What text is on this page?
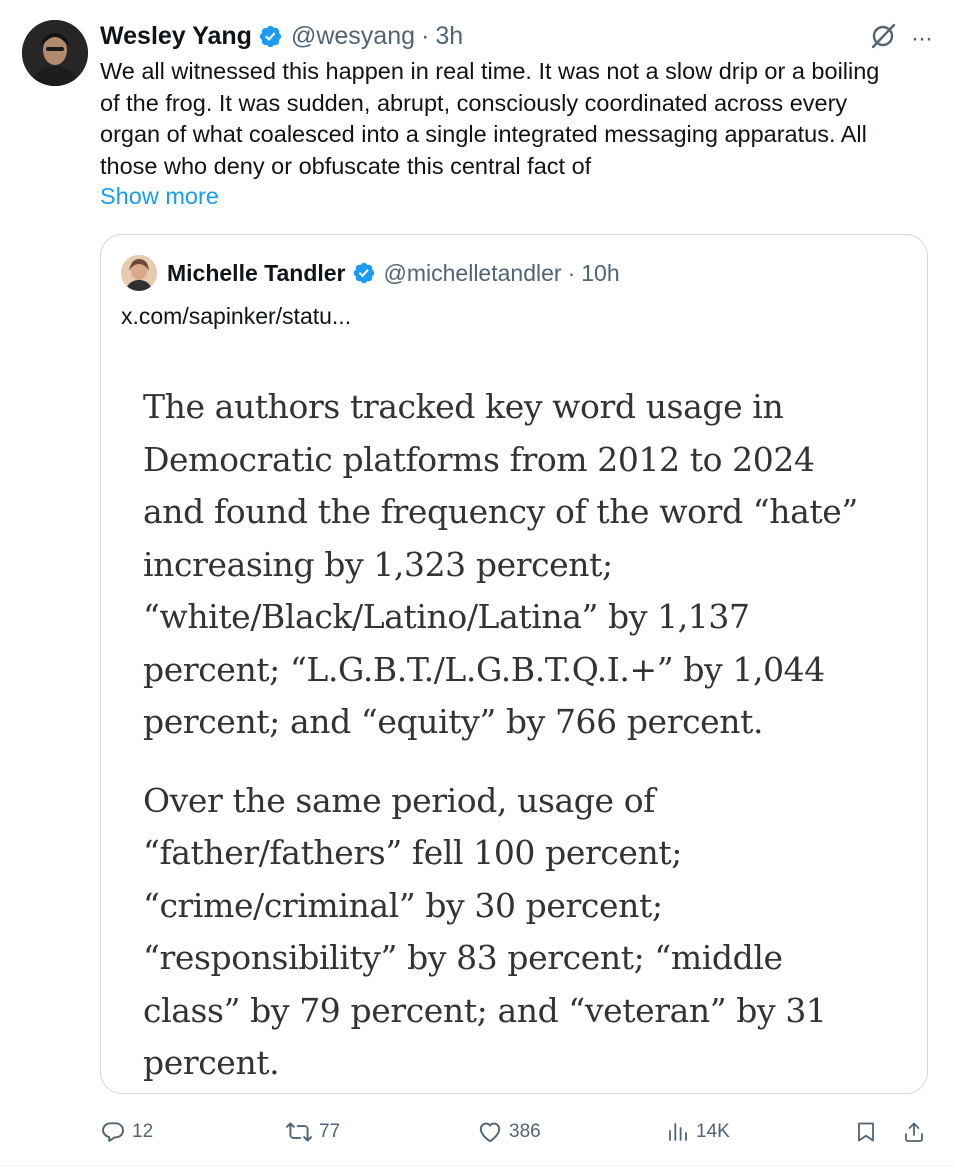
Wesley Yang @wesyang · 3h	···

We all witnessed this happen in real time. It was not a slow drip or a boiling

of the frog. It was sudden, abrupt, consciously coordinated across every

organ of what coalesced into a single integrated messaging apparatus. All

those who deny or obfuscate this central fact of

Show more
Michelle Tandler @michelletandler · 10h
x.com/sapinker/statu...

The authors tracked key word usage in
Democratic platforms from 2012 to 2024
and found the frequency of the word “hate”
increasing by 1,323 percent;
“white/Black/Latino/Latina” by 1,137
percent; “L.G.B.T./L.G.B.T.Q.I.+” by 1,044
percent; and “equity” by 766 percent.

Over the same period, usage of
“father/fathers” fell 100 percent;
“crime/criminal” by 30 percent;
“responsibility” by 83 percent; “middle
class” by 79 percent; and “veteran” by 31
percent.

12	77	386	14K
